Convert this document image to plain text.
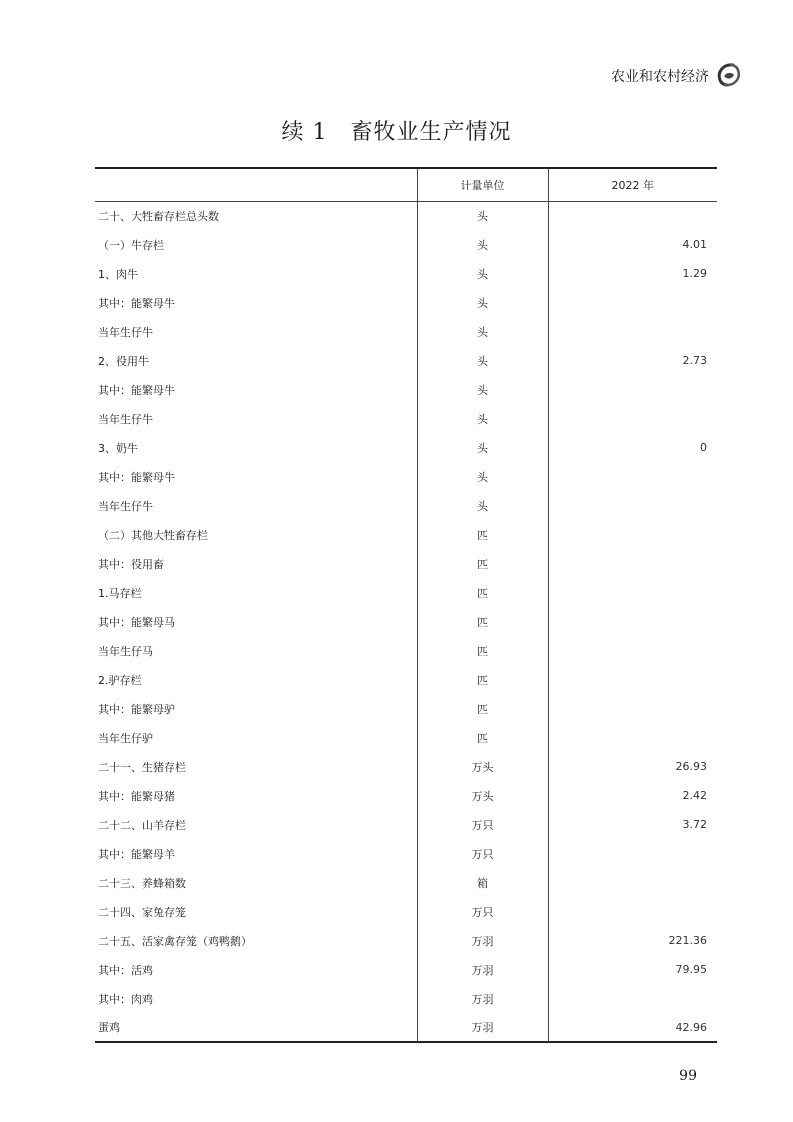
农业和农村经济
续 1　畜牧业生产情况
	计量单位	2022 年
二十、大牲畜存栏总头数	头	
（一）牛存栏	头	4.01
1、肉牛	头	1.29
其中：能繁母牛	头	
当年生仔牛	头	
2、役用牛	头	2.73
其中：能繁母牛	头	
当年生仔牛	头	
3、奶牛	头	0
其中：能繁母牛	头	
当年生仔牛	头	
（二）其他大牲畜存栏	匹	
其中：役用畜	匹	
1.马存栏	匹	
其中：能繁母马	匹	
当年生仔马	匹	
2.驴存栏	匹	
其中：能繁母驴	匹	
当年生仔驴	匹	
二十一、生猪存栏	万头	26.93
其中：能繁母猪	万头	2.42
二十二、山羊存栏	万只	3.72
其中：能繁母羊	万只	
二十三、养蜂箱数	箱	
二十四、家兔存笼	万只	
二十五、活家禽存笼（鸡鸭鹅）	万羽	221.36
其中：活鸡	万羽	79.95
其中：肉鸡	万羽	
蛋鸡	万羽	42.96
99
